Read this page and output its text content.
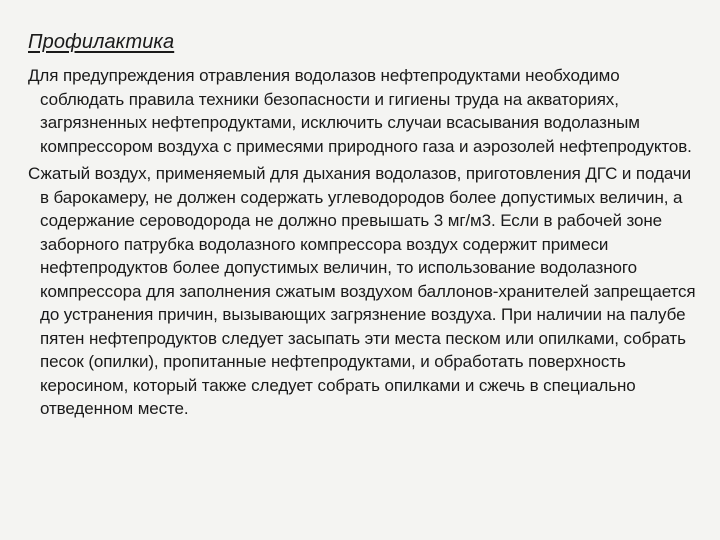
Профилактика

Для предупреждения отравления водолазов нефтепродуктами необходимо соблюдать правила техники безопасности и гигиены труда на акваториях, загрязненных нефтепродуктами, исключить случаи всасывания водолазным компрессором воздуха с примесями природного газа и аэрозолей нефтепродуктов.

Сжатый воздух, применяемый для дыхания водолазов, приготовления ДГС и подачи в барокамеру, не должен содержать углеводородов более допустимых величин, а содержание сероводорода не должно превышать 3 мг/м3. Если в рабочей зоне заборного патрубка водолазного компрессора воздух содержит примеси нефтепродуктов более допустимых величин, то использование водолазного компрессора для заполнения сжатым воздухом баллонов-хранителей запрещается до устранения причин, вызывающих загрязнение воздуха. При наличии на палубе пятен нефтепродуктов следует засыпать эти места песком или опилками, собрать песок (опилки), пропитанные нефтепродуктами, и обработать поверхность керосином, который также следует собрать опилками и сжечь в специально отведенном месте.
